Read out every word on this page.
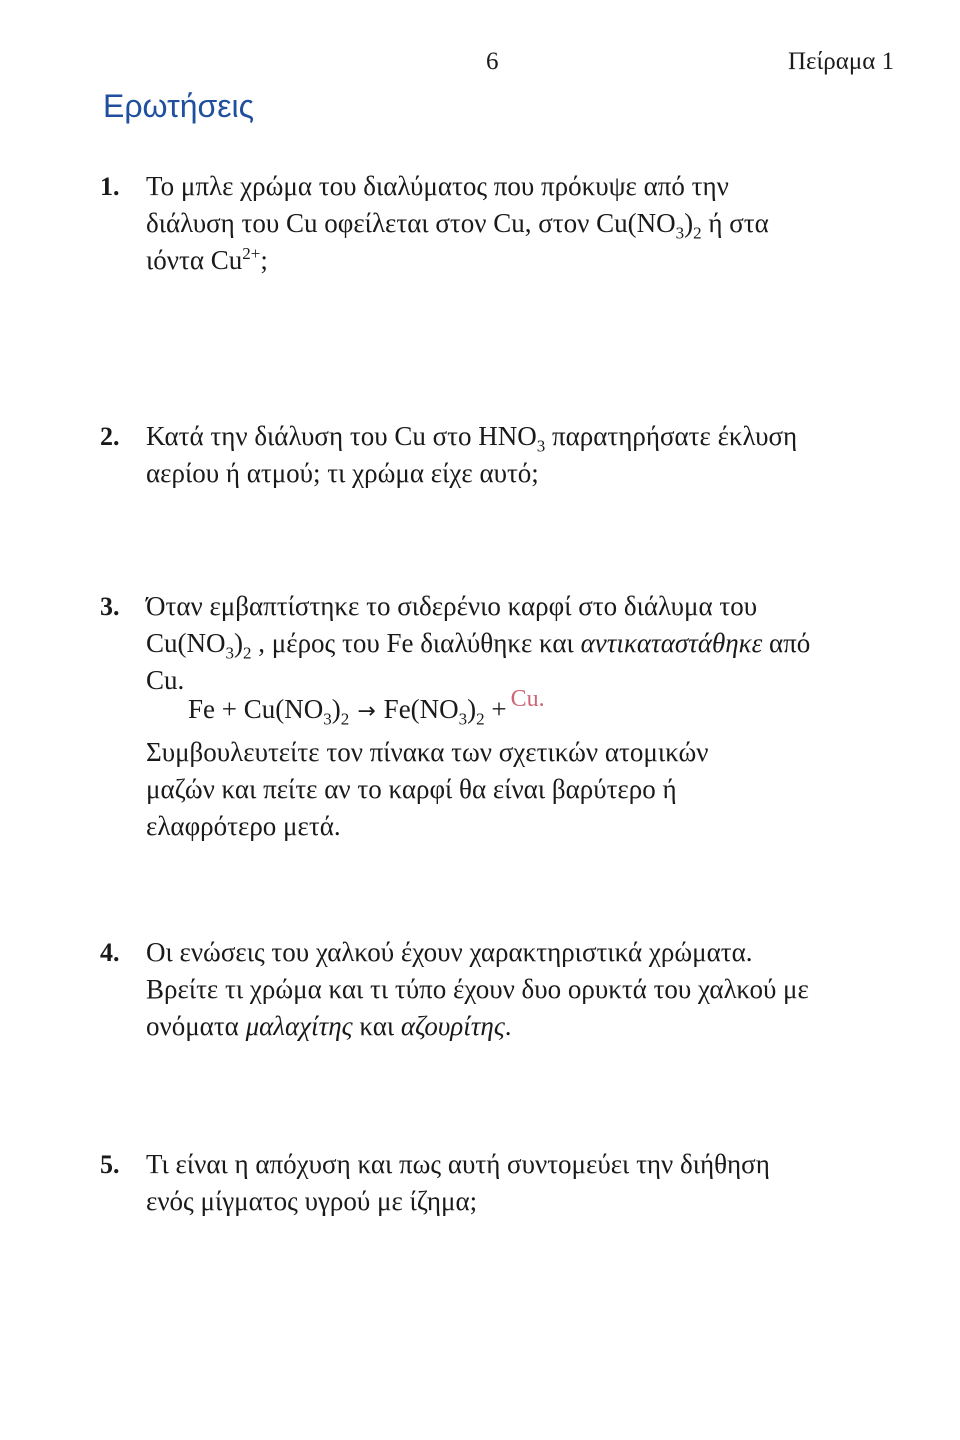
6	Πείραμα 1
Ερωτήσεις
1. Το μπλε χρώμα του διαλύματος που πρόκυψε από την
διάλυση του Cu οφείλεται στον Cu, στον $Cu(NO_3)_2$ ή στα
ιόντα $Cu^{2+}$;
2. Κατά την διάλυση του Cu στο $HNO_3$ παρατηρήσατε έκλυση
αερίου ή ατμού; τι χρώμα είχε αυτό;
3. Όταν εμβαπτίστηκε το σιδερένιο καρφί στο διάλυμα του
$Cu(NO_3)_2$ , μέρος του Fe διαλύθηκε και αντικαταστάθηκε από
Cu.
$Fe + Cu(NO_3)_2 \to Fe(NO_3)_2 + Cu$.
Συμβουλευτείτε τον πίνακα των σχετικών ατομικών
μαζών και πείτε αν το καρφί θα είναι βαρύτερο ή
ελαφρότερο μετά.
4. Οι ενώσεις του χαλκού έχουν χαρακτηριστικά χρώματα.
Βρείτε τι χρώμα και τι τύπο έχουν δυο ορυκτά του χαλκού με
ονόματα μαλαχίτης και αζουρίτης.
5. Τι είναι η απόχυση και πως αυτή συντομεύει την διήθηση
ενός μίγματος υγρού με ίζημα;
